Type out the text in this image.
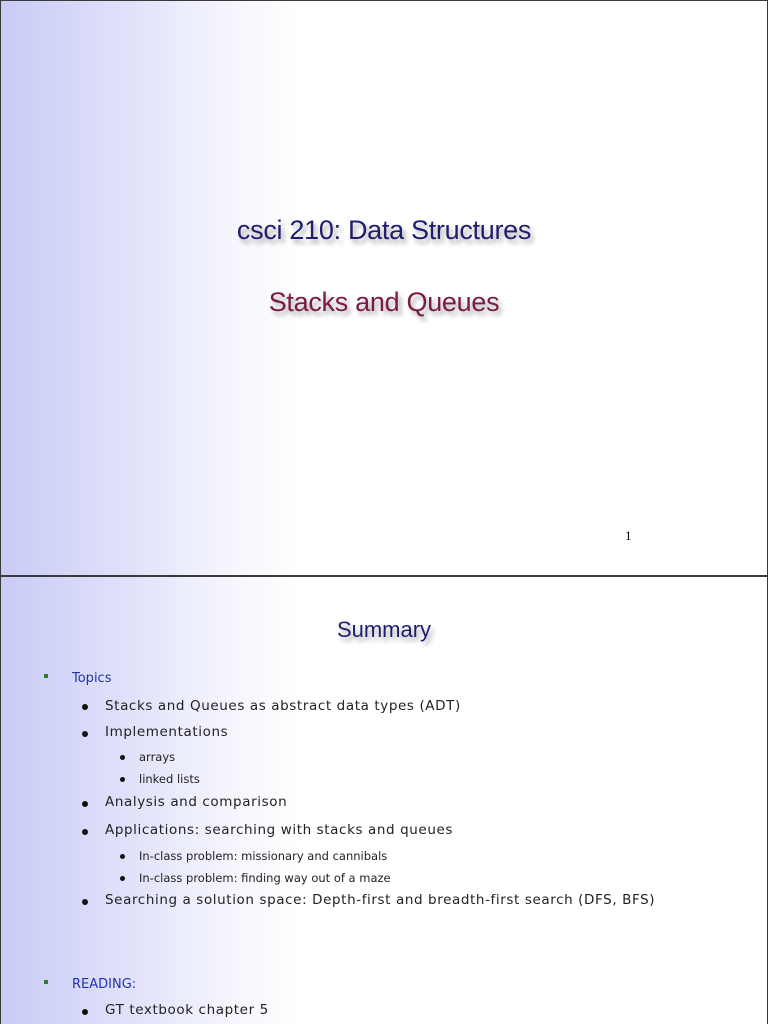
csci 210: Data Structures
Stacks and Queues
1
Summary
Topics
Stacks and Queues as abstract data types (ADT)
Implementations
arrays
linked lists
Analysis and comparison
Applications: searching with stacks and queues
In-class problem: missionary and cannibals
In-class problem: finding way out of a maze
Searching a solution space: Depth-first and breadth-first search (DFS, BFS)
READING:
GT textbook chapter 5
